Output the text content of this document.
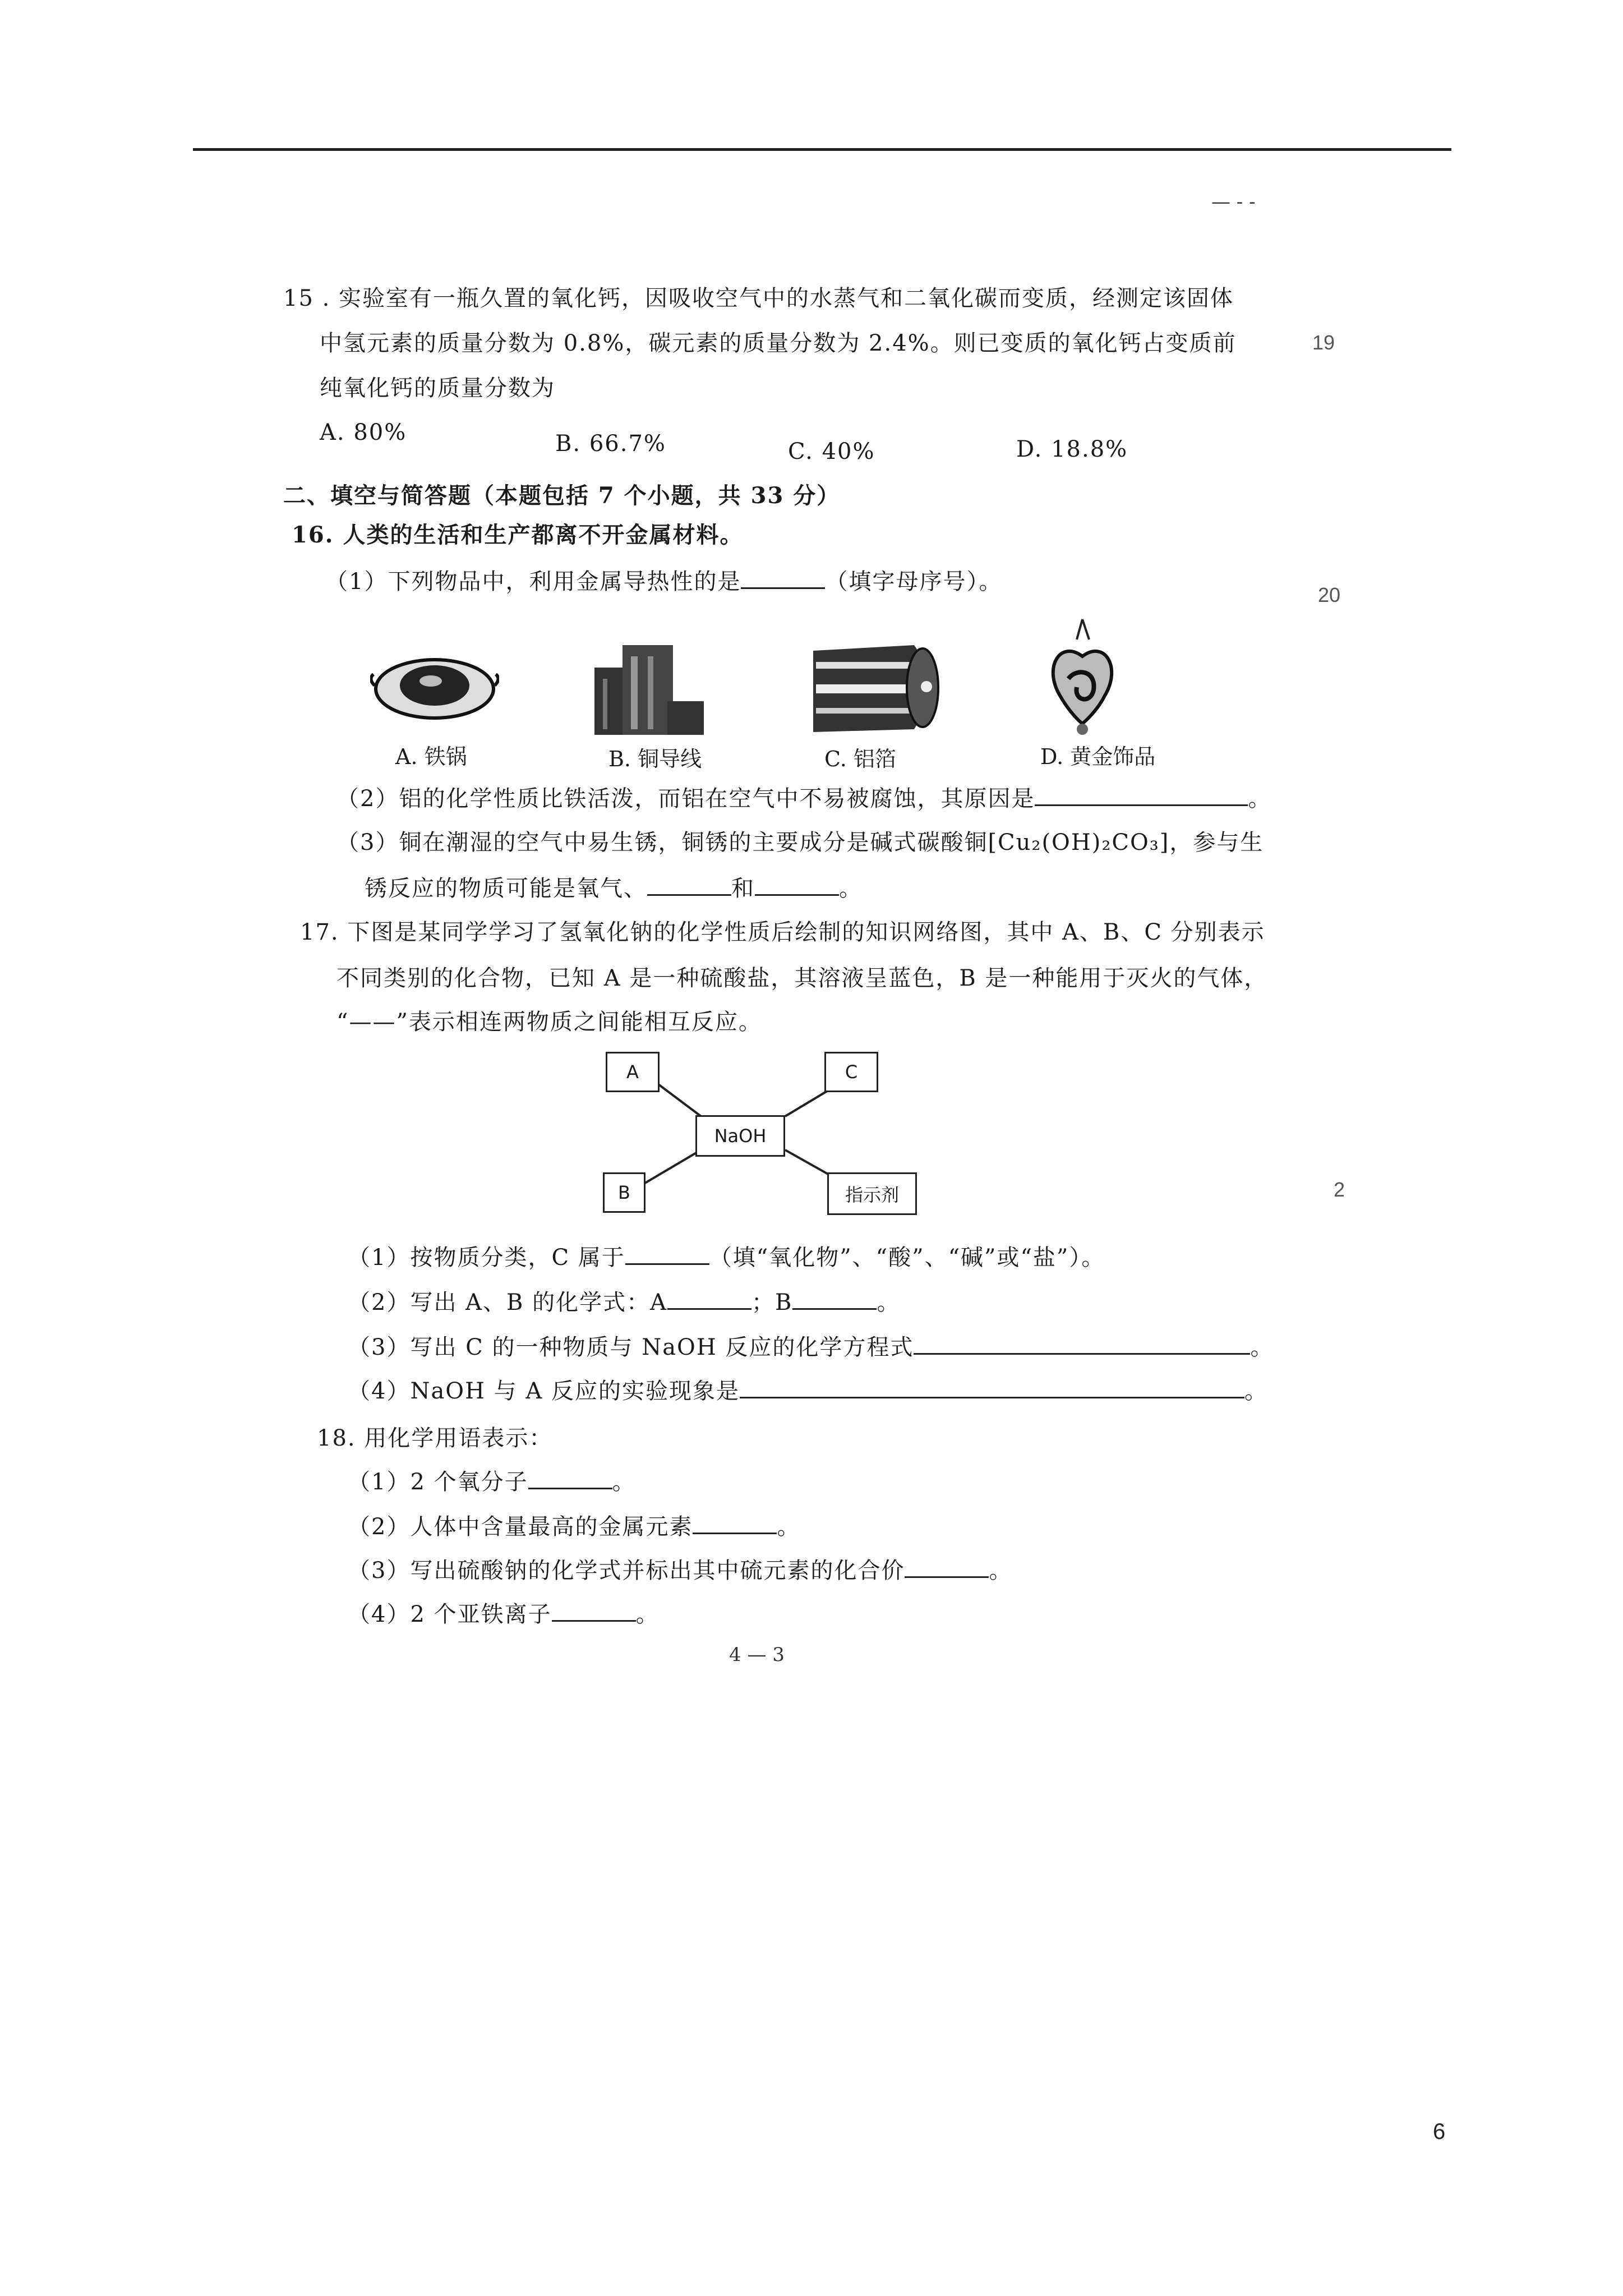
— - -
19
20
2
15 . 实验室有一瓶久置的氧化钙，因吸收空气中的水蒸气和二氧化碳而变质，经测定该固体
中氢元素的质量分数为 0.8%，碳元素的质量分数为 2.4%。则已变质的氧化钙占变质前
纯氧化钙的质量分数为
A. 80%	B. 66.7%	C. 40%	D. 18.8%
二、填空与简答题（本题包括 7 个小题，共 33 分）
16. 人类的生活和生产都离不开金属材料。
（1）下列物品中，利用金属导热性的是	（填字母序号）。
A. 铁锅	B. 铜导线	C. 铝箔	D. 黄金饰品
（2）铝的化学性质比铁活泼，而铝在空气中不易被腐蚀，其原因是	。
（3）铜在潮湿的空气中易生锈，铜锈的主要成分是碱式碳酸铜[Cu₂(OH)₂CO₃]，参与生
锈反应的物质可能是氧气、	和	。
17. 下图是某同学学习了氢氧化钠的化学性质后绘制的知识网络图，其中 A、B、C 分别表示
不同类别的化合物，已知 A 是一种硫酸盐，其溶液呈蓝色，B 是一种能用于灭火的气体，
“——”表示相连两物质之间能相互反应。
A	C
NaOH
B	指示剂
（1）按物质分类，C 属于	（填“氧化物”、“酸”、“碱”或“盐”）。
（2）写出 A、B 的化学式：A	；B	。
（3）写出 C 的一种物质与 NaOH 反应的化学方程式	。
（4）NaOH 与 A 反应的实验现象是	。
18. 用化学用语表示：
（1）2 个氧分子	。
（2）人体中含量最高的金属元素	。
（3）写出硫酸钠的化学式并标出其中硫元素的化合价	。
（4）2 个亚铁离子	。
4 — 3
6
